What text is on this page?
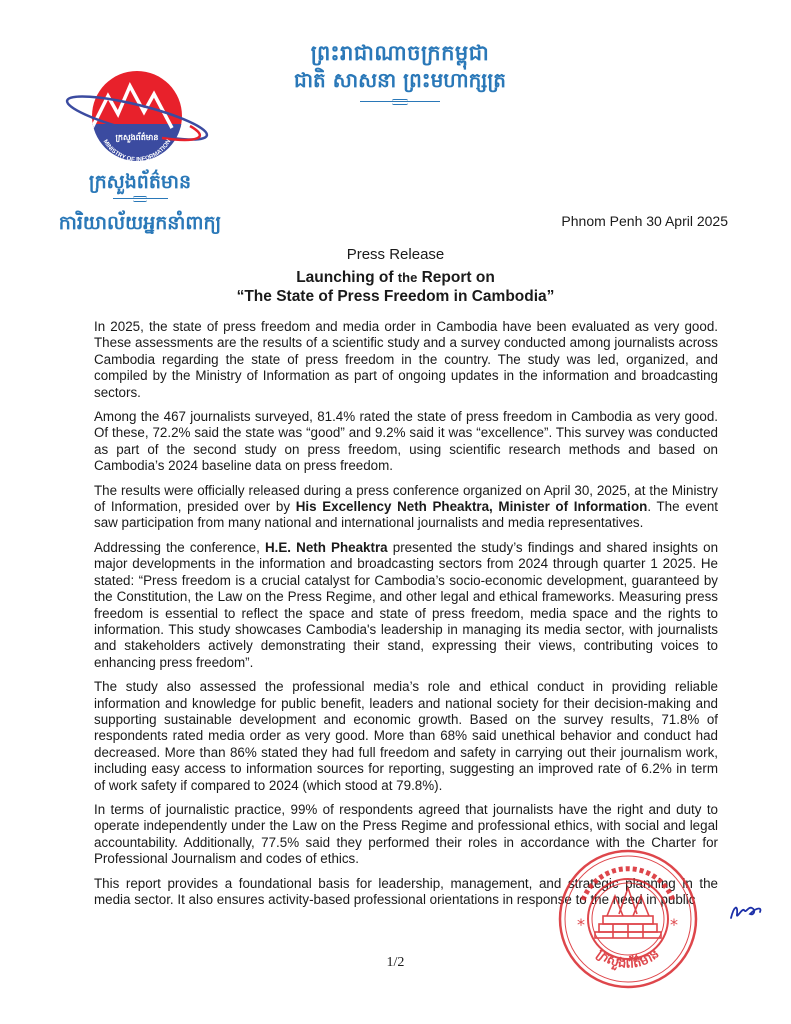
ព្រះរាជាណាចក្រកម្ពុជា
ជាតិ សាសនា ព្រះមហាក្សត្រ
ក្រសួងព័ត៌មាន
MINISTRY OF INFORMATION
ក្រសួងព័ត៌មាន
ការិយាល័យអ្នកនាំពាក្យ	Phnom Penh 30 April 2025
Press Release
Launching of the Report on
“The State of Press Freedom in Cambodia”

In 2025, the state of press freedom and media order in Cambodia have been evaluated as very good. These assessments are the results of a scientific study and a survey conducted among journalists across Cambodia regarding the state of press freedom in the country. The study was led, organized, and compiled by the Ministry of Information as part of ongoing updates in the information and broadcasting sectors.

Among the 467 journalists surveyed, 81.4% rated the state of press freedom in Cambodia as very good. Of these, 72.2% said the state was “good” and 9.2% said it was “excellence”. This survey was conducted as part of the second study on press freedom, using scientific research methods and based on Cambodia’s 2024 baseline data on press freedom.

The results were officially released during a press conference organized on April 30, 2025, at the Ministry of Information, presided over by His Excellency Neth Pheaktra, Minister of Information. The event saw participation from many national and international journalists and media representatives.

Addressing the conference, H.E. Neth Pheaktra presented the study’s findings and shared insights on major developments in the information and broadcasting sectors from 2024 through quarter 1 2025. He stated: “Press freedom is a crucial catalyst for Cambodia’s socio-economic development, guaranteed by the Constitution, the Law on the Press Regime, and other legal and ethical frameworks. Measuring press freedom is essential to reflect the space and state of press freedom, media space and the rights to information. This study showcases Cambodia's leadership in managing its media sector, with journalists and stakeholders actively demonstrating their stand, expressing their views, contributing voices to enhancing press freedom”.

The study also assessed the professional media’s role and ethical conduct in providing reliable information and knowledge for public benefit, leaders and national society for their decision-making and supporting sustainable development and economic growth. Based on the survey results, 71.8% of respondents rated media order as very good. More than 68% said unethical behavior and conduct had decreased. More than 86% stated they had full freedom and safety in carrying out their journalism work, including easy access to information sources for reporting, suggesting an improved rate of 6.2% in term of work safety if compared to 2024 (which stood at 79.8%).

In terms of journalistic practice, 99% of respondents agreed that journalists have the right and duty to operate independently under the Law on the Press Regime and professional ethics, with social and legal accountability. Additionally, 77.5% said they performed their roles in accordance with the Charter for Professional Journalism and codes of ethics.

This report provides a foundational basis for leadership, management, and strategic planning in the media sector. It also ensures activity-based professional orientations in response to the need in public

*	*
ក្រសួងព័ត៌មាន
1/2
